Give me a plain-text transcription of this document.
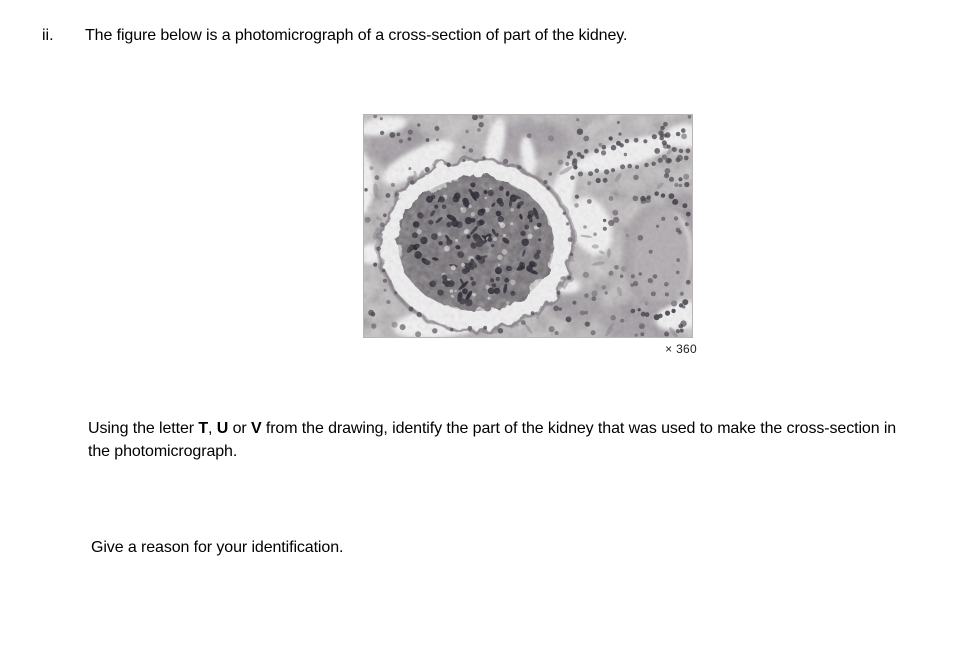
ii. The figure below is a photomicrograph of a cross-section of part of the kidney.
× 360

Using the letter T, U or V from the drawing, identify the part of the kidney that was used to make the cross-section in the photomicrograph.

Give a reason for your identification.
